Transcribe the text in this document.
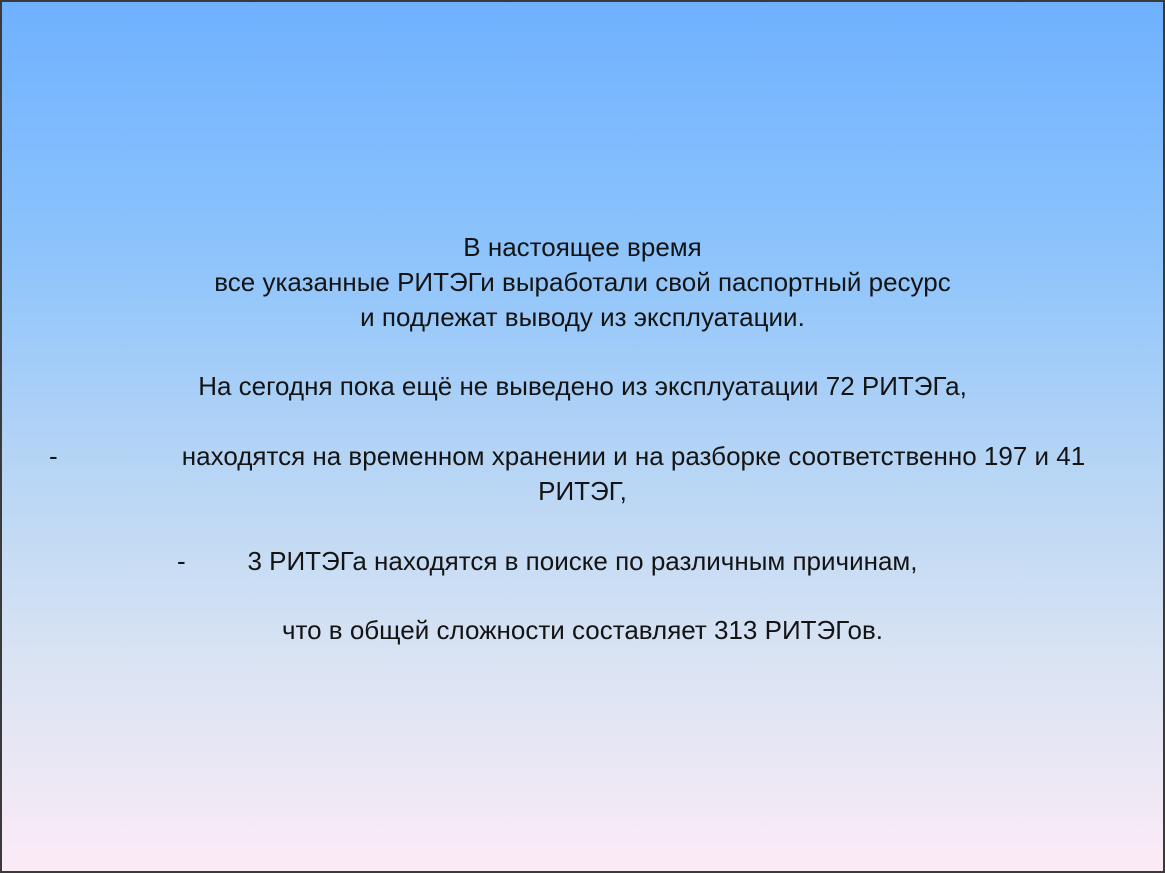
В настоящее время
все указанные РИТЭГи выработали свой паспортный ресурс
и подлежат выводу из эксплуатации.
На сегодня пока ещё не выведено из эксплуатации 72 РИТЭГа,
-	находятся на временном хранении и на разборке соответственно 197 и 41
РИТЭГ,
-	3 РИТЭГа находятся в поиске по различным причинам,
что в общей сложности составляет 313 РИТЭГов.
